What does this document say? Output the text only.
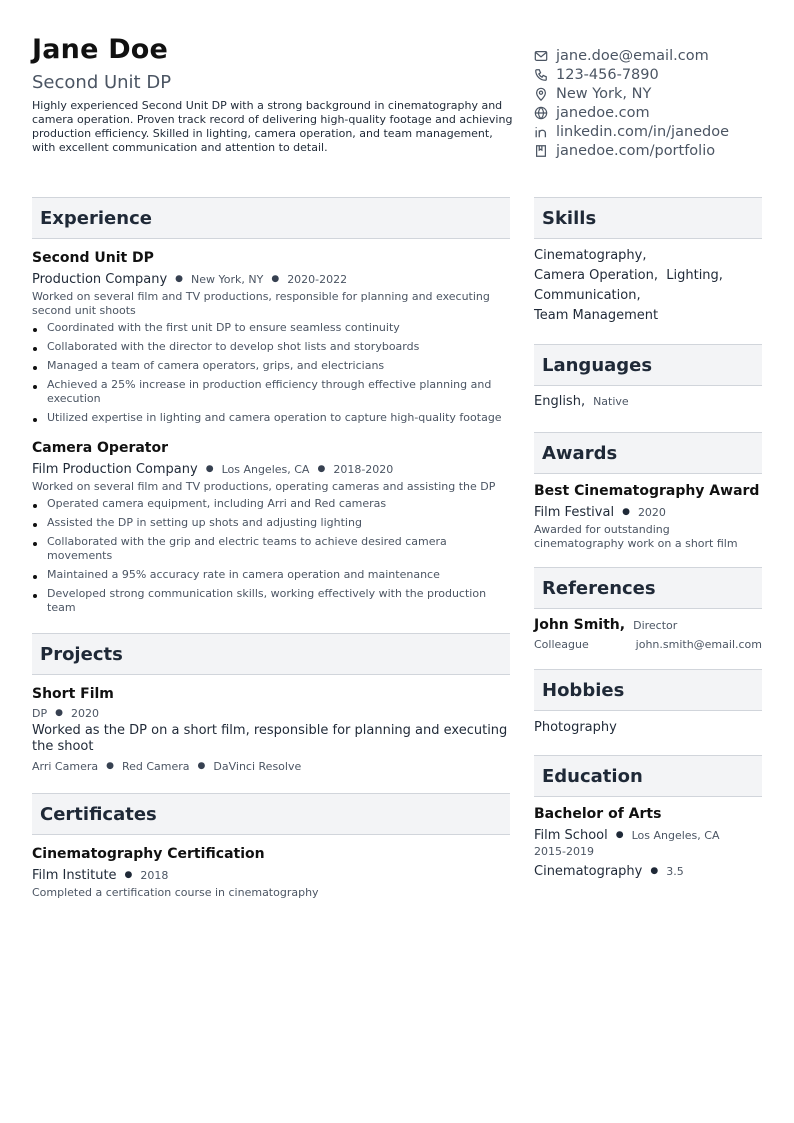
Jane Doe
Second Unit DP
Highly experienced Second Unit DP with a strong background in cinematography and camera operation. Proven track record of delivering high-quality footage and achieving production efficiency. Skilled in lighting, camera operation, and team management, with excellent communication and attention to detail.
jane.doe@email.com
123-456-7890
New York, NY
janedoe.com
linkedin.com/in/janedoe
janedoe.com/portfolio
Experience
Second Unit DP
Production Company ● New York, NY ● 2020-2022
Worked on several film and TV productions, responsible for planning and executing second unit shoots
Coordinated with the first unit DP to ensure seamless continuity
Collaborated with the director to develop shot lists and storyboards
Managed a team of camera operators, grips, and electricians
Achieved a 25% increase in production efficiency through effective planning and execution
Utilized expertise in lighting and camera operation to capture high-quality footage
Camera Operator
Film Production Company ● Los Angeles, CA ● 2018-2020
Worked on several film and TV productions, operating cameras and assisting the DP
Operated camera equipment, including Arri and Red cameras
Assisted the DP in setting up shots and adjusting lighting
Collaborated with the grip and electric teams to achieve desired camera movements
Maintained a 95% accuracy rate in camera operation and maintenance
Developed strong communication skills, working effectively with the production team
Projects
Short Film
DP ● 2020
Worked as the DP on a short film, responsible for planning and executing the shoot
Arri Camera ● Red Camera ● DaVinci Resolve
Certificates
Cinematography Certification
Film Institute ● 2018
Completed a certification course in cinematography
Skills
Cinematography,
Camera Operation, Lighting,
Communication,
Team Management
Languages
English, Native
Awards
Best Cinematography Award
Film Festival ● 2020
Awarded for outstanding cinematography work on a short film
References
John Smith, Director
Colleague	john.smith@email.com
Hobbies
Photography
Education
Bachelor of Arts
Film School ● Los Angeles, CA
2015-2019
Cinematography ● 3.5
